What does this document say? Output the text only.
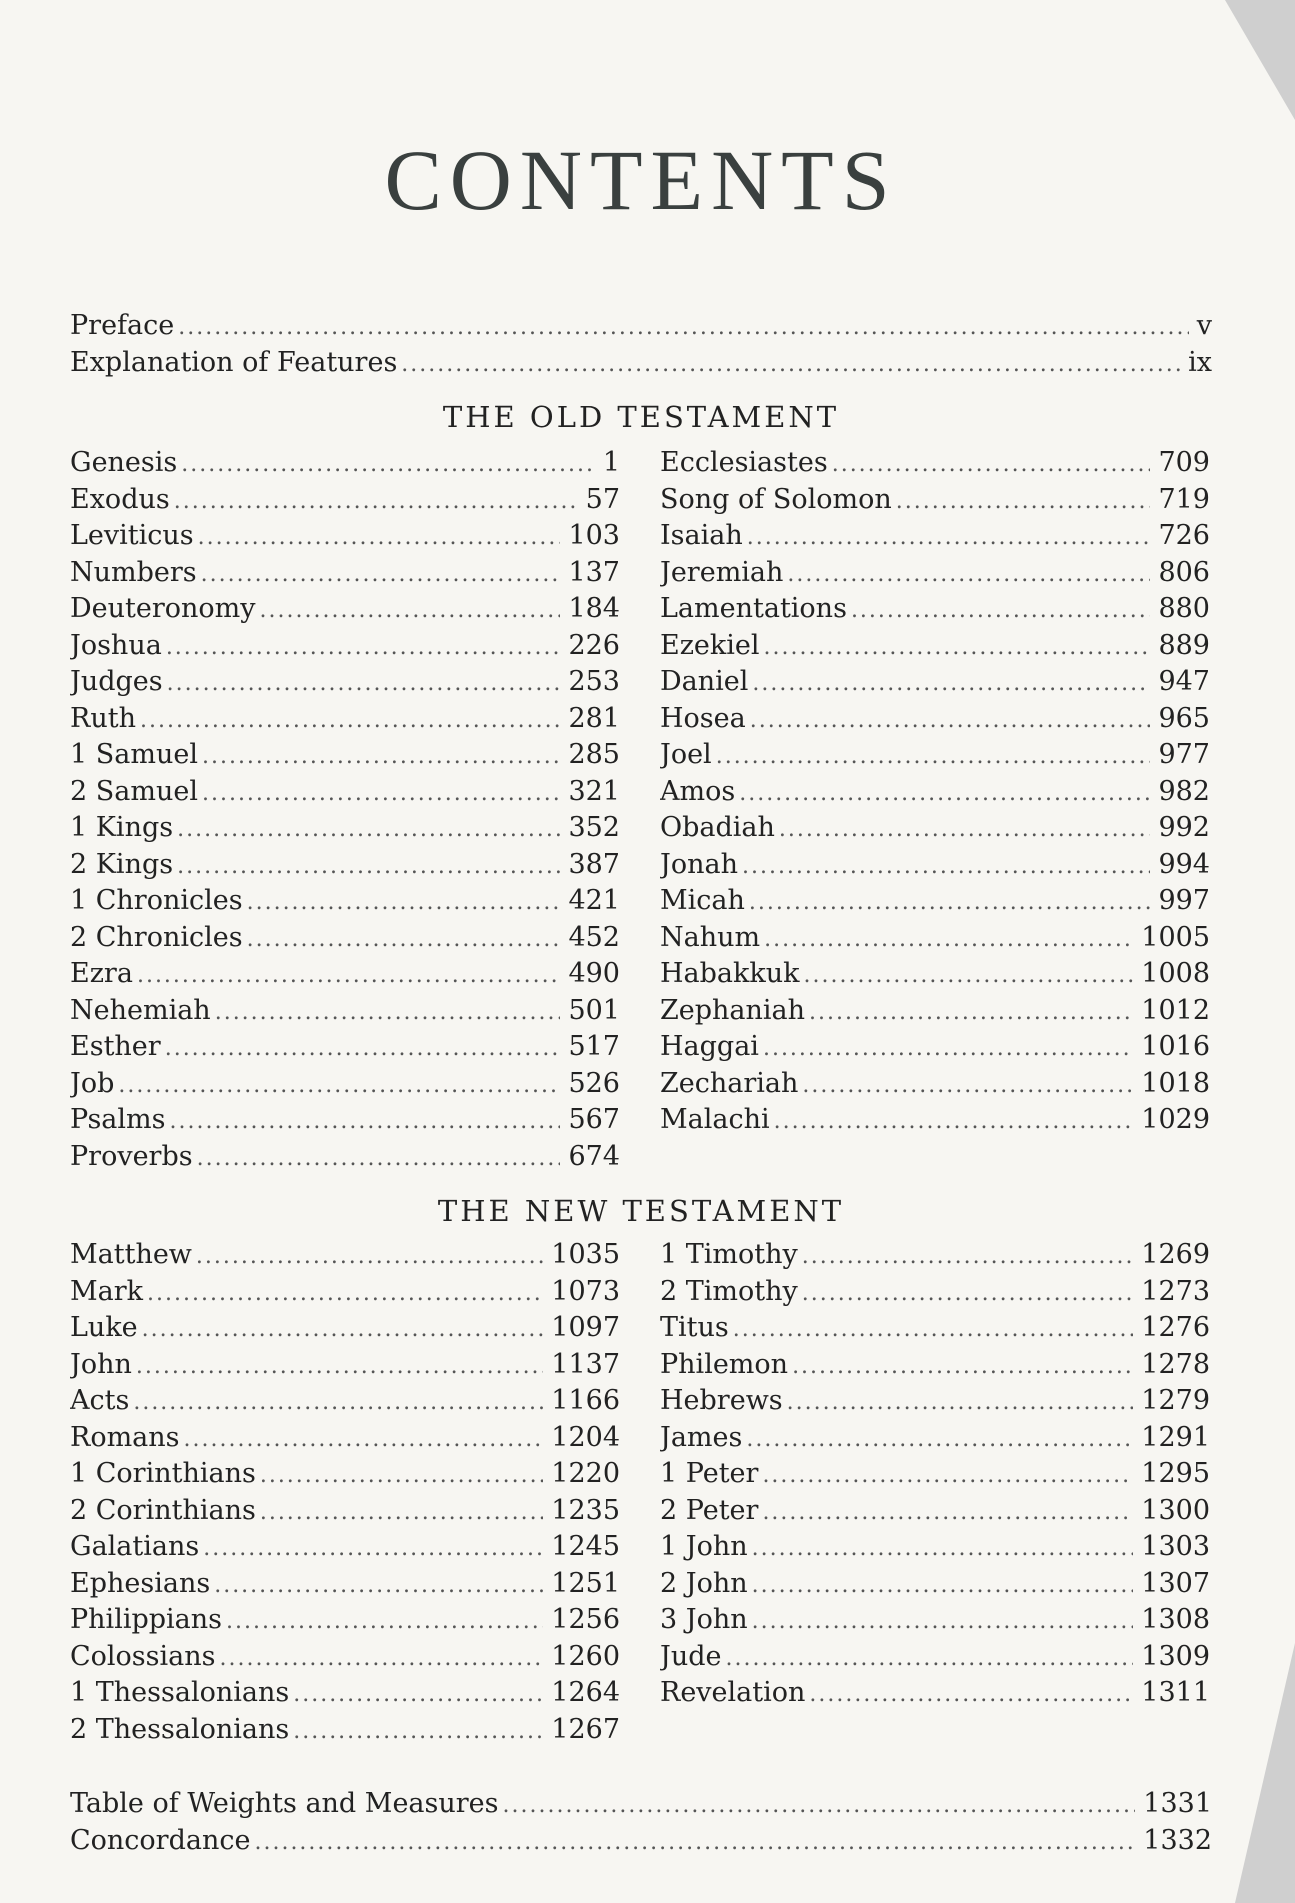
CONTENTS
Preface .....	v
Explanation of Features .....	ix
THE OLD TESTAMENT
Genesis .....	1
Exodus .....	57
Leviticus .....	103
Numbers .....	137
Deuteronomy .....	184
Joshua .....	226
Judges .....	253
Ruth .....	281
1 Samuel .....	285
2 Samuel .....	321
1 Kings .....	352
2 Kings .....	387
1 Chronicles .....	421
2 Chronicles .....	452
Ezra .....	490
Nehemiah .....	501
Esther .....	517
Job .....	526
Psalms .....	567
Proverbs .....	674
Ecclesiastes .....	709
Song of Solomon .....	719
Isaiah .....	726
Jeremiah .....	806
Lamentations .....	880
Ezekiel .....	889
Daniel .....	947
Hosea .....	965
Joel .....	977
Amos .....	982
Obadiah .....	992
Jonah .....	994
Micah .....	997
Nahum .....	1005
Habakkuk .....	1008
Zephaniah .....	1012
Haggai .....	1016
Zechariah .....	1018
Malachi .....	1029
THE NEW TESTAMENT
Matthew .....	1035
Mark .....	1073
Luke .....	1097
John .....	1137
Acts .....	1166
Romans .....	1204
1 Corinthians .....	1220
2 Corinthians .....	1235
Galatians .....	1245
Ephesians .....	1251
Philippians .....	1256
Colossians .....	1260
1 Thessalonians .....	1264
2 Thessalonians .....	1267
1 Timothy .....	1269
2 Timothy .....	1273
Titus .....	1276
Philemon .....	1278
Hebrews .....	1279
James .....	1291
1 Peter .....	1295
2 Peter .....	1300
1 John .....	1303
2 John .....	1307
3 John .....	1308
Jude .....	1309
Revelation .....	1311
Table of Weights and Measures .....	1331
Concordance .....	1332
